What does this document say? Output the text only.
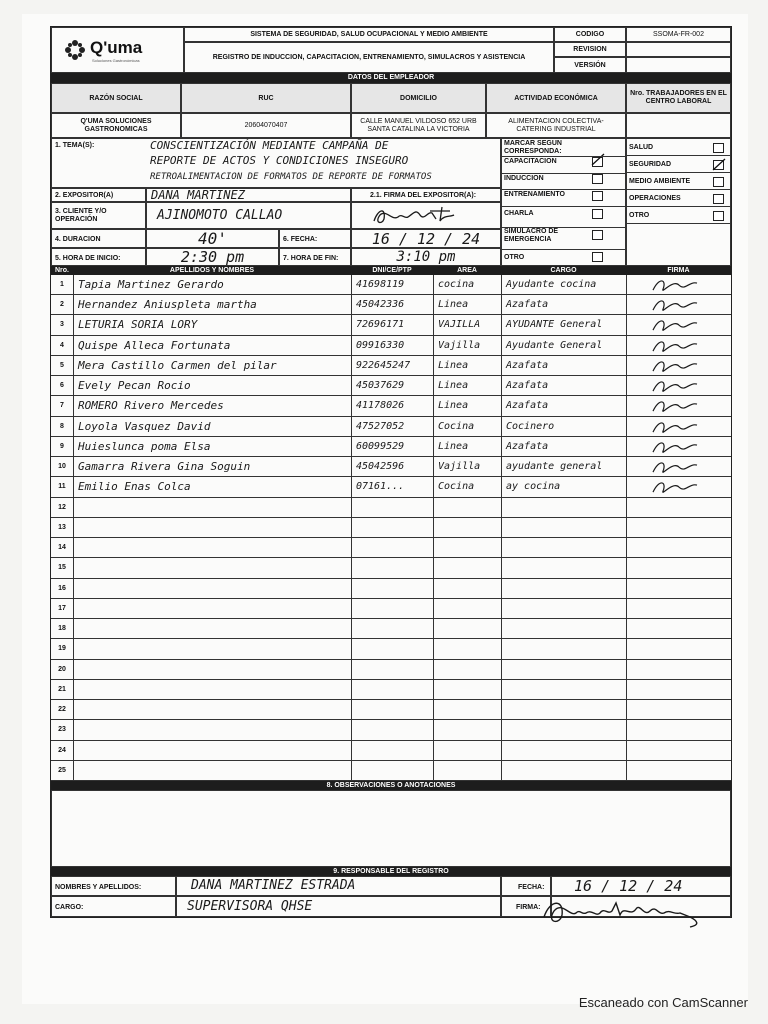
Q'uma
Soluciones Gastronómicas
SISTEMA DE SEGURIDAD, SALUD OCUPACIONAL Y MEDIO AMBIENTE
REGISTRO DE INDUCCION, CAPACITACION, ENTRENAMIENTO, SIMULACROS Y ASISTENCIA
CODIGO	SSOMA-FR-002
REVISION
VERSIÓN
DATOS DEL EMPLEADOR
RAZÓN SOCIAL	RUC	DOMICILIO	ACTIVIDAD ECONÓMICA
Nro. TRABAJADORES EN EL CENTRO LABORAL
Q'UMA SOLUCIONES GASTRONOMICAS
20604070407
CALLE MANUEL VILDOSO 652 URB SANTA CATALINA LA VICTORIA
ALIMENTACION COLECTIVA-CATERING INDUSTRIAL
1. TEMA(S):	CONSCIENTIZACIÓN MEDIANTE CAMPAÑA DE
REPORTE DE ACTOS Y CONDICIONES INSEGURO
RETROALIMENTACIÓN DE FORMATOS DE REPORTE DE FORMATOS
2. EXPOSITOR(A)	DANA MARTINEZ	2.1. FIRMA DEL EXPOSITOR(A):
3. CLIENTE Y/O OPERACIÓN	AJINOMOTO CALLAO
4. DURACION	40'	6. FECHA:	16 / 12 / 24
5. HORA DE INICIO:	2:30 pm	7. HORA DE FIN:	3:10 pm
MARCAR SEGUN CORRESPONDA:
CAPACITACION
INDUCCION
ENTRENAMIENTO
CHARLA
SIMULACRO DE EMERGENCIA
OTRO
SALUD
SEGURIDAD
MEDIO AMBIENTE
OPERACIONES
OTRO
Nro.	APELLIDOS Y NOMBRES	DNI/CE/PTP	AREA	CARGO	FIRMA
1	Tapia Martinez Gerardo	41698119	cocina	Ayudante cocina
2	Hernandez Aniuspleta martha	45042336	Linea	Azafata
3	LETURIA SORIA LORY	72696171	VAJILLA	AYUDANTE General
4	Quispe Alleca Fortunata	09916330	Vajilla	Ayudante General
5	Mera Castillo Carmen del pilar	922645247	Linea	Azafata
6	Evely Pecan Rocio	45037629	Linea	Azafata
7	ROMERO Rivero Mercedes	41178026	Linea	Azafata
8	Loyola Vasquez David	47527052	Cocina	Cocinero
9	Huieslunca poma Elsa	60099529	Linea	Azafata
10	Gamarra Rivera Gina Soguin	45042596	Vajilla	ayudante general
11	Emilio Enas Colca	07161...	Cocina	ay cocina
12
13
14
15
16
17
18
19
20
21
22
23
24
25
8. OBSERVACIONES O ANOTACIONES
9. RESPONSABLE DEL REGISTRO
NOMBRES Y APELLIDOS:	DANA MARTINEZ ESTRADA	FECHA:	16 / 12 / 24
CARGO:	SUPERVISORA QHSE	FIRMA:
Escaneado con CamScanner
